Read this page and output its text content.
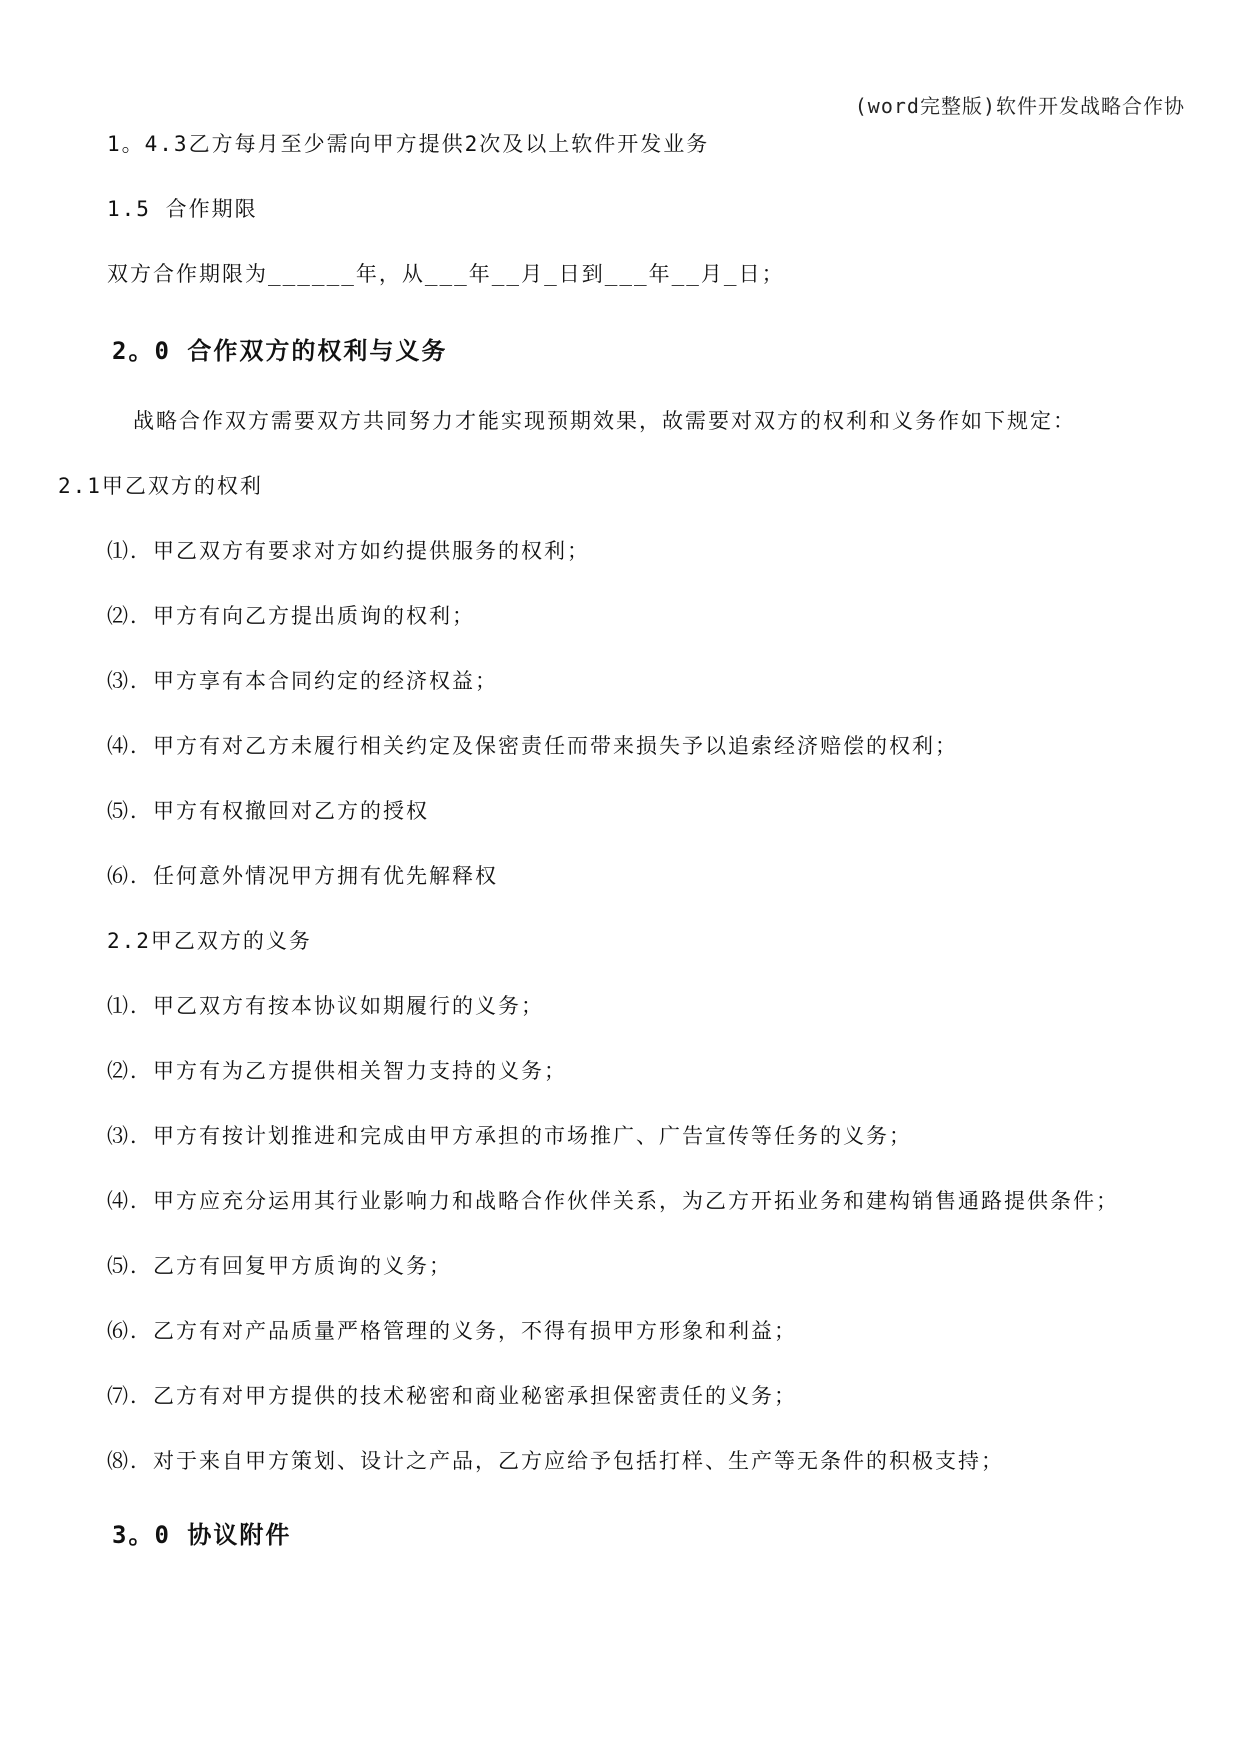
(word完整版)软件开发战略合作协
1。4.3乙方每月至少需向甲方提供2次及以上软件开发业务
1.5 合作期限
双方合作期限为______年，从___年__月_日到___年__月_日；
2。0 合作双方的权利与义务
战略合作双方需要双方共同努力才能实现预期效果，故需要对双方的权利和义务作如下规定：
2.1甲乙双方的权利
⑴．甲乙双方有要求对方如约提供服务的权利；
⑵．甲方有向乙方提出质询的权利；
⑶．甲方享有本合同约定的经济权益；
⑷．甲方有对乙方未履行相关约定及保密责任而带来损失予以追索经济赔偿的权利；
⑸．甲方有权撤回对乙方的授权
⑹．任何意外情况甲方拥有优先解释权
2.2甲乙双方的义务
⑴．甲乙双方有按本协议如期履行的义务；
⑵．甲方有为乙方提供相关智力支持的义务；
⑶．甲方有按计划推进和完成由甲方承担的市场推广、广告宣传等任务的义务；
⑷．甲方应充分运用其行业影响力和战略合作伙伴关系，为乙方开拓业务和建构销售通路提供条件；
⑸．乙方有回复甲方质询的义务；
⑹．乙方有对产品质量严格管理的义务，不得有损甲方形象和利益；
⑺．乙方有对甲方提供的技术秘密和商业秘密承担保密责任的义务；
⑻．对于来自甲方策划、设计之产品，乙方应给予包括打样、生产等无条件的积极支持；
3。0 协议附件
